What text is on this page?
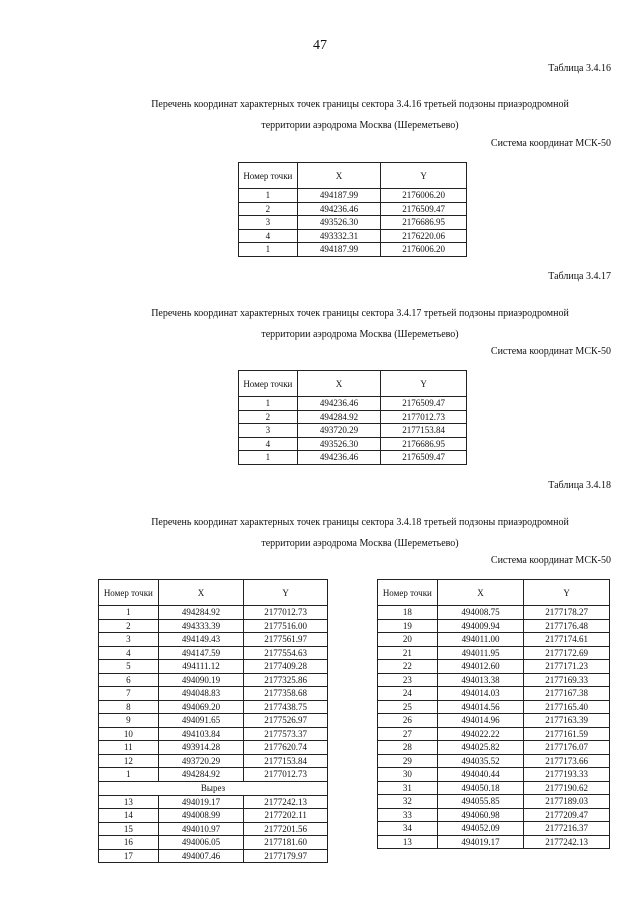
47
Таблица 3.4.16
Перечень координат характерных точек границы сектора 3.4.16 третьей подзоны приаэродромной
территории аэродрома Москва (Шереметьево)
Система координат МСК-50
Номер точки	X	Y
1	494187.99	2176006.20
2	494236.46	2176509.47
3	493526.30	2176686.95
4	493332.31	2176220.06
1	494187.99	2176006.20
Таблица 3.4.17
Перечень координат характерных точек границы сектора 3.4.17 третьей подзоны приаэродромной
территории аэродрома Москва (Шереметьево)
Система координат МСК-50
Номер точки	X	Y
1	494236.46	2176509.47
2	494284.92	2177012.73
3	493720.29	2177153.84
4	493526.30	2176686.95
1	494236.46	2176509.47
Таблица 3.4.18
Перечень координат характерных точек границы сектора 3.4.18 третьей подзоны приаэродромной
территории аэродрома Москва (Шереметьево)
Система координат МСК-50
Номер точки	X	Y
1	494284.92	2177012.73
2	494333.39	2177516.00
3	494149.43	2177561.97
4	494147.59	2177554.63
5	494111.12	2177409.28
6	494090.19	2177325.86
7	494048.83	2177358.68
8	494069.20	2177438.75
9	494091.65	2177526.97
10	494103.84	2177573.37
11	493914.28	2177620.74
12	493720.29	2177153.84
1	494284.92	2177012.73
Вырез		
13	494019.17	2177242.13
14	494008.99	2177202.11
15	494010.97	2177201.56
16	494006.05	2177181.60
17	494007.46	2177179.97
Номер точки	X	Y
18	494008.75	2177178.27
19	494009.94	2177176.48
20	494011.00	2177174.61
21	494011.95	2177172.69
22	494012.60	2177171.23
23	494013.38	2177169.33
24	494014.03	2177167.38
25	494014.56	2177165.40
26	494014.96	2177163.39
27	494022.22	2177161.59
28	494025.82	2177176.07
29	494035.52	2177173.66
30	494040.44	2177193.33
31	494050.18	2177190.62
32	494055.85	2177189.03
33	494060.98	2177209.47
34	494052.09	2177216.37
13	494019.17	2177242.13
